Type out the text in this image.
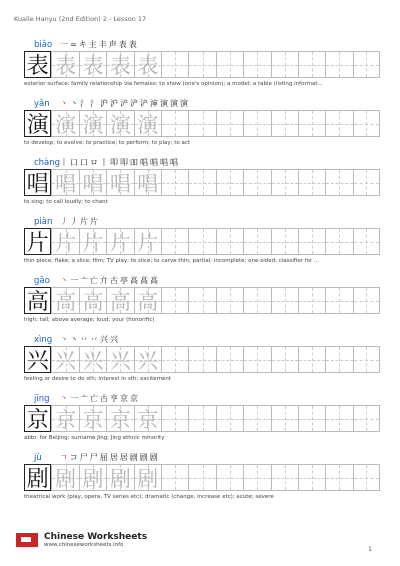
Kuaile Hanyu (2nd Edition) 2 - Lesson 17
biǎo 一=キ主丰声表表
表 表 表 表 表
exterior surface; family relationship via females; to show (one's opinion); a model; a table (listing informat...
yǎn 丶丶氵氵沪沪浐浐浐渖演演演
演 演 演 演 演
to develop; to evolve; to practice; to perform; to play; to act
chàng 丨口口ロ丨叩叩吅唱唱唱唱
唱 唱 唱 唱 唱
to sing; to call loudly; to chant
piàn 丿丿片片
片 片 片 片 片
thin piece; flake; a slice; film; TV play; to slice; to carve thin; partial; incomplete; one-sided; classifier for ...
gāo 丶一亠亡亣古亭高高高
高 高 高 高 高
high; tall; above average; loud; your (honorific)
xìng 丶丶丷丷兴兴
兴 兴 兴 兴 兴
feeling or desire to do sth; interest in sth; excitement
jīng 丶一亠亡古亨京京
京 京 京 京 京
abbr. for Beijing; surname Jing; Jing ethnic minority
jù ㄱコ尸尸屈居居剧剧剧
剧 剧 剧 剧 剧
theatrical work (play, opera, TV series etc); dramatic (change, increase etc); acute; severe
Chinese Worksheets
www.chineseworksheets.info
1
